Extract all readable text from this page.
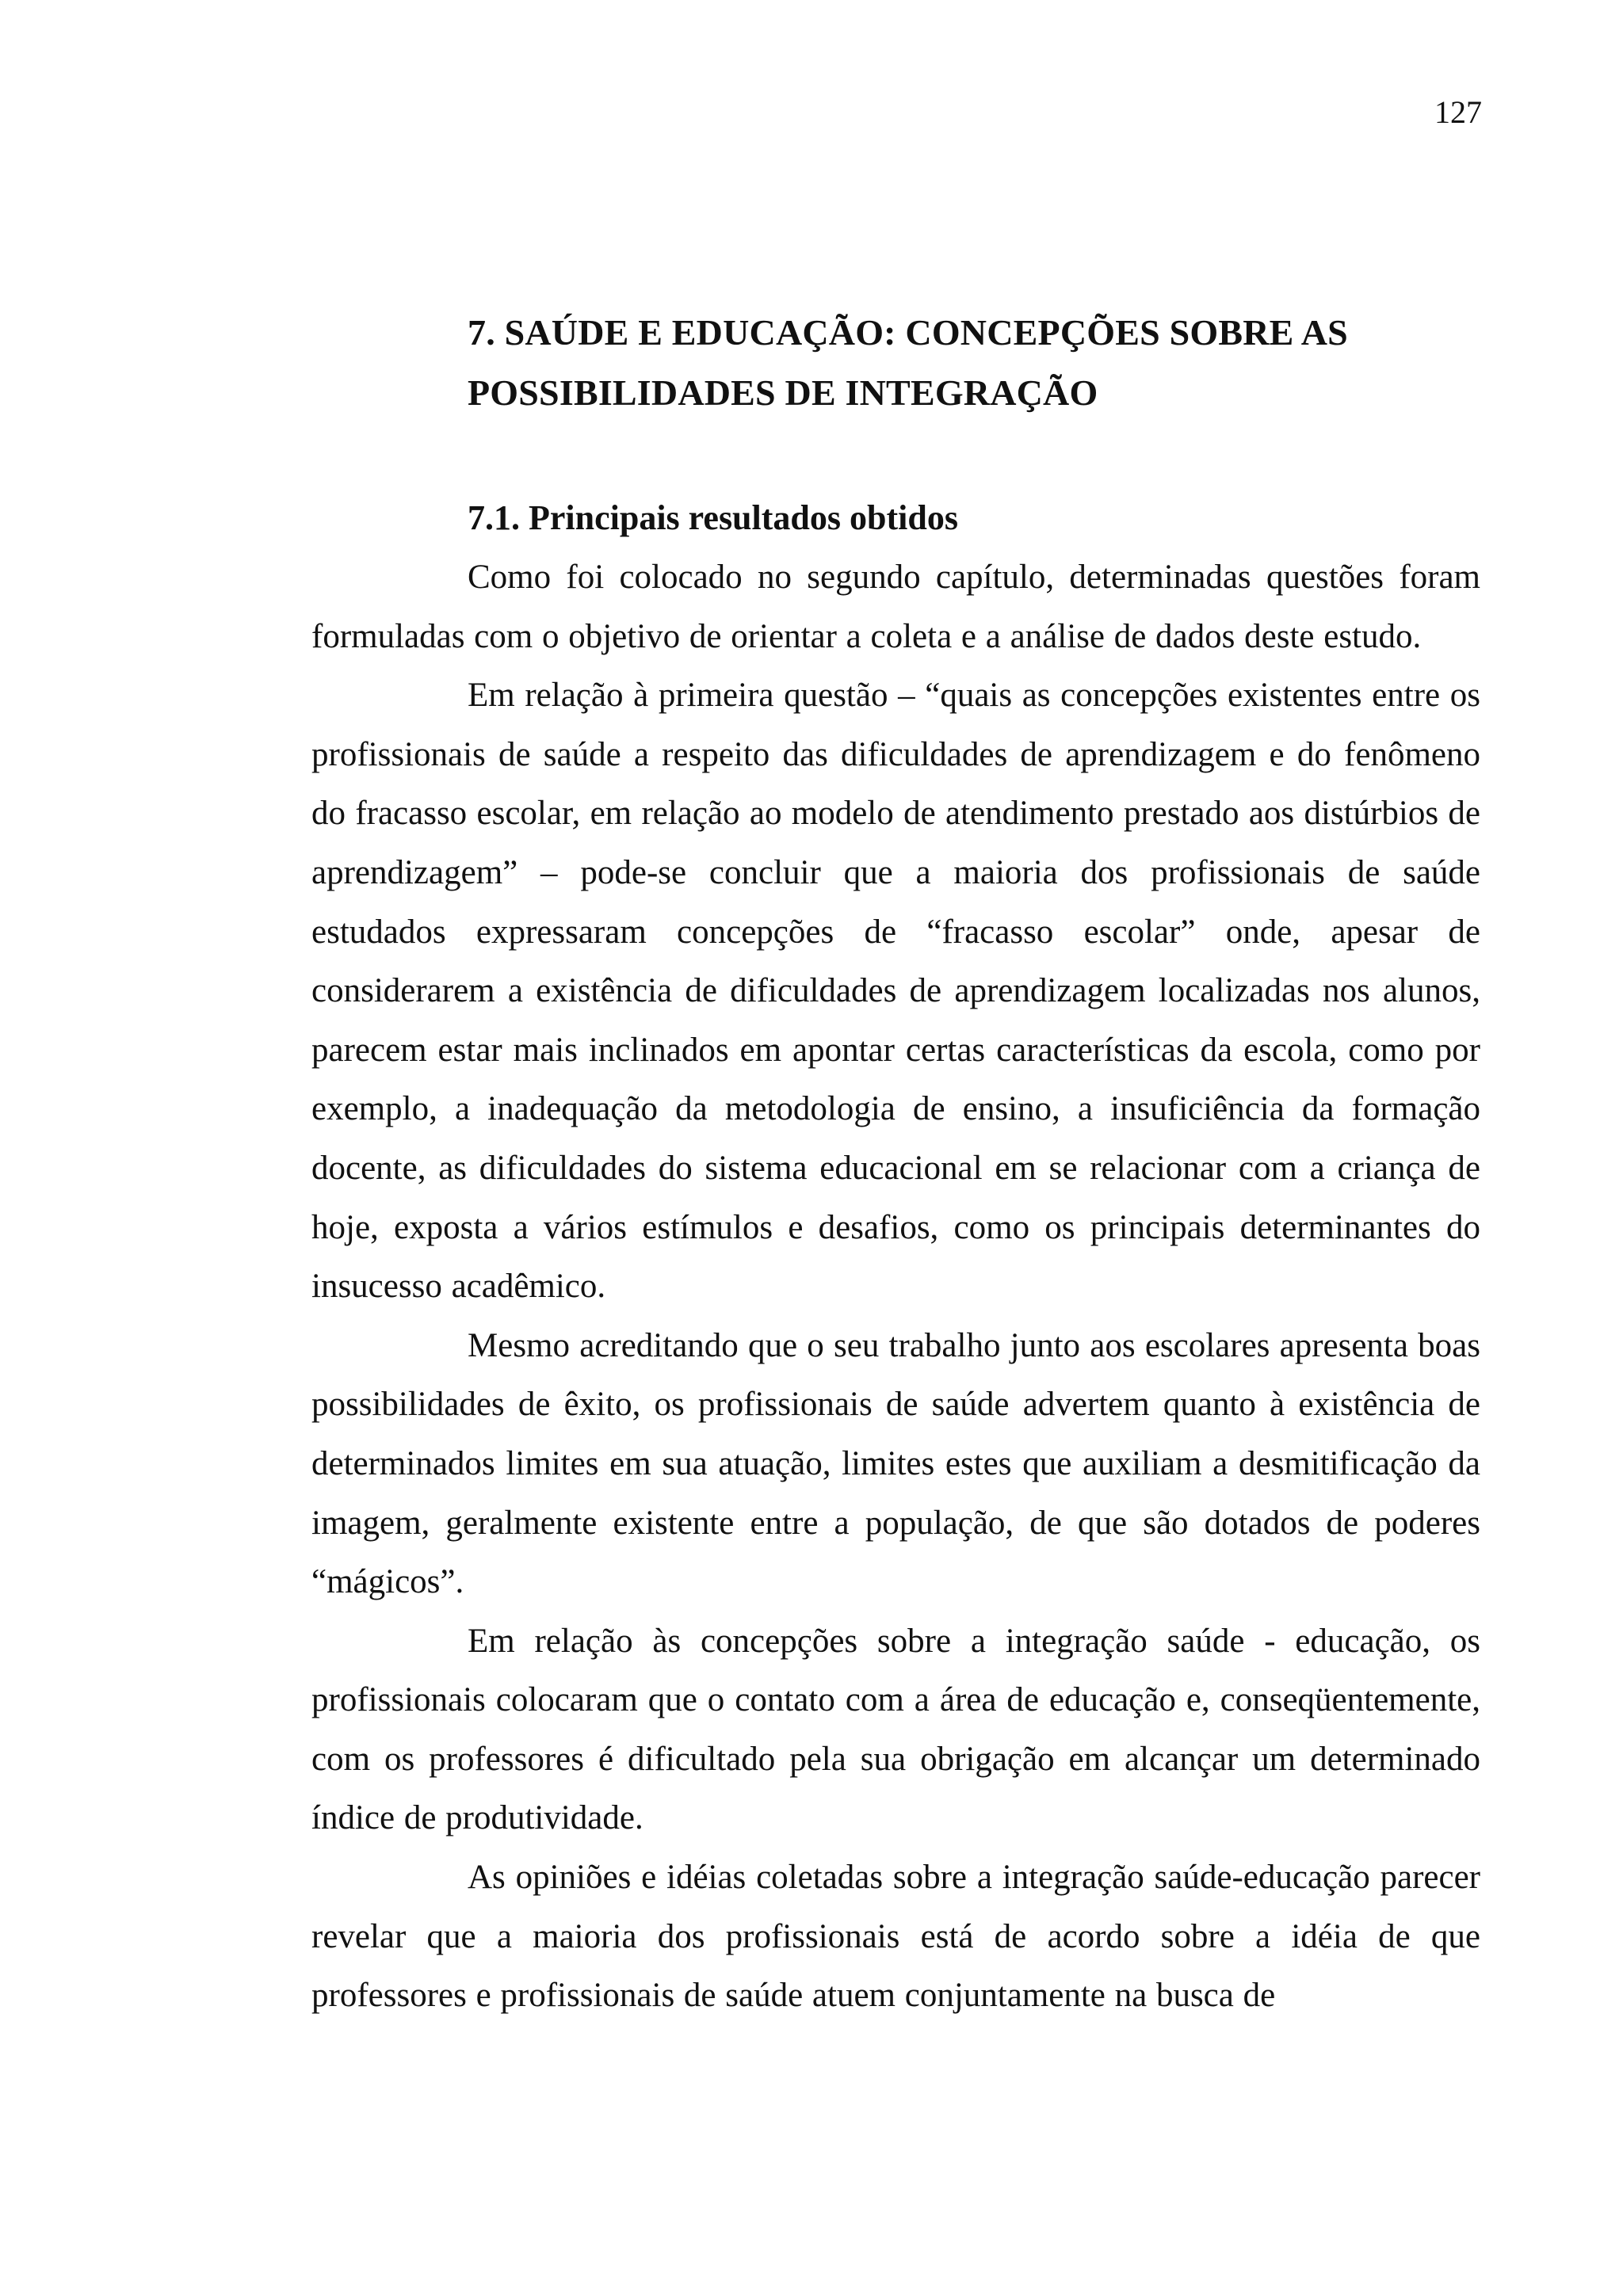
127
7. SAÚDE E EDUCAÇÃO: CONCEPÇÕES SOBRE AS
POSSIBILIDADES DE INTEGRAÇÃO
7.1. Principais resultados obtidos

Como foi colocado no segundo capítulo, determinadas questões foram formuladas com o objetivo de orientar a coleta e a análise de dados deste estudo.

Em relação à primeira questão – “quais as concepções existentes entre os profissionais de saúde a respeito das dificuldades de aprendizagem e do fenômeno do fracasso escolar, em relação ao modelo de atendimento prestado aos distúrbios de aprendizagem” – pode-se concluir que a maioria dos profissionais de saúde estudados expressaram concepções de “fracasso escolar” onde, apesar de considerarem a existência de dificuldades de aprendizagem localizadas nos alunos, parecem estar mais inclinados em apontar certas características da escola, como por exemplo, a inadequação da metodologia de ensino, a insuficiência da formação docente, as dificuldades do sistema educacional em se relacionar com a criança de hoje, exposta a vários estímulos e desafios, como os principais determinantes do insucesso acadêmico.

Mesmo acreditando que o seu trabalho junto aos escolares apresenta boas possibilidades de êxito, os profissionais de saúde advertem quanto à existência de determinados limites em sua atuação, limites estes que auxiliam a desmitificação da imagem, geralmente existente entre a população, de que são dotados de poderes “mágicos”.

Em relação às concepções sobre a integração saúde - educação, os profissionais colocaram que o contato com a área de educação e, conseqüentemente, com os professores é dificultado pela sua obrigação em alcançar um determinado índice de produtividade.

As opiniões e idéias coletadas sobre a integração saúde-educação parecer revelar que a maioria dos profissionais está de acordo sobre a idéia de que professores e profissionais de saúde atuem conjuntamente na busca de
